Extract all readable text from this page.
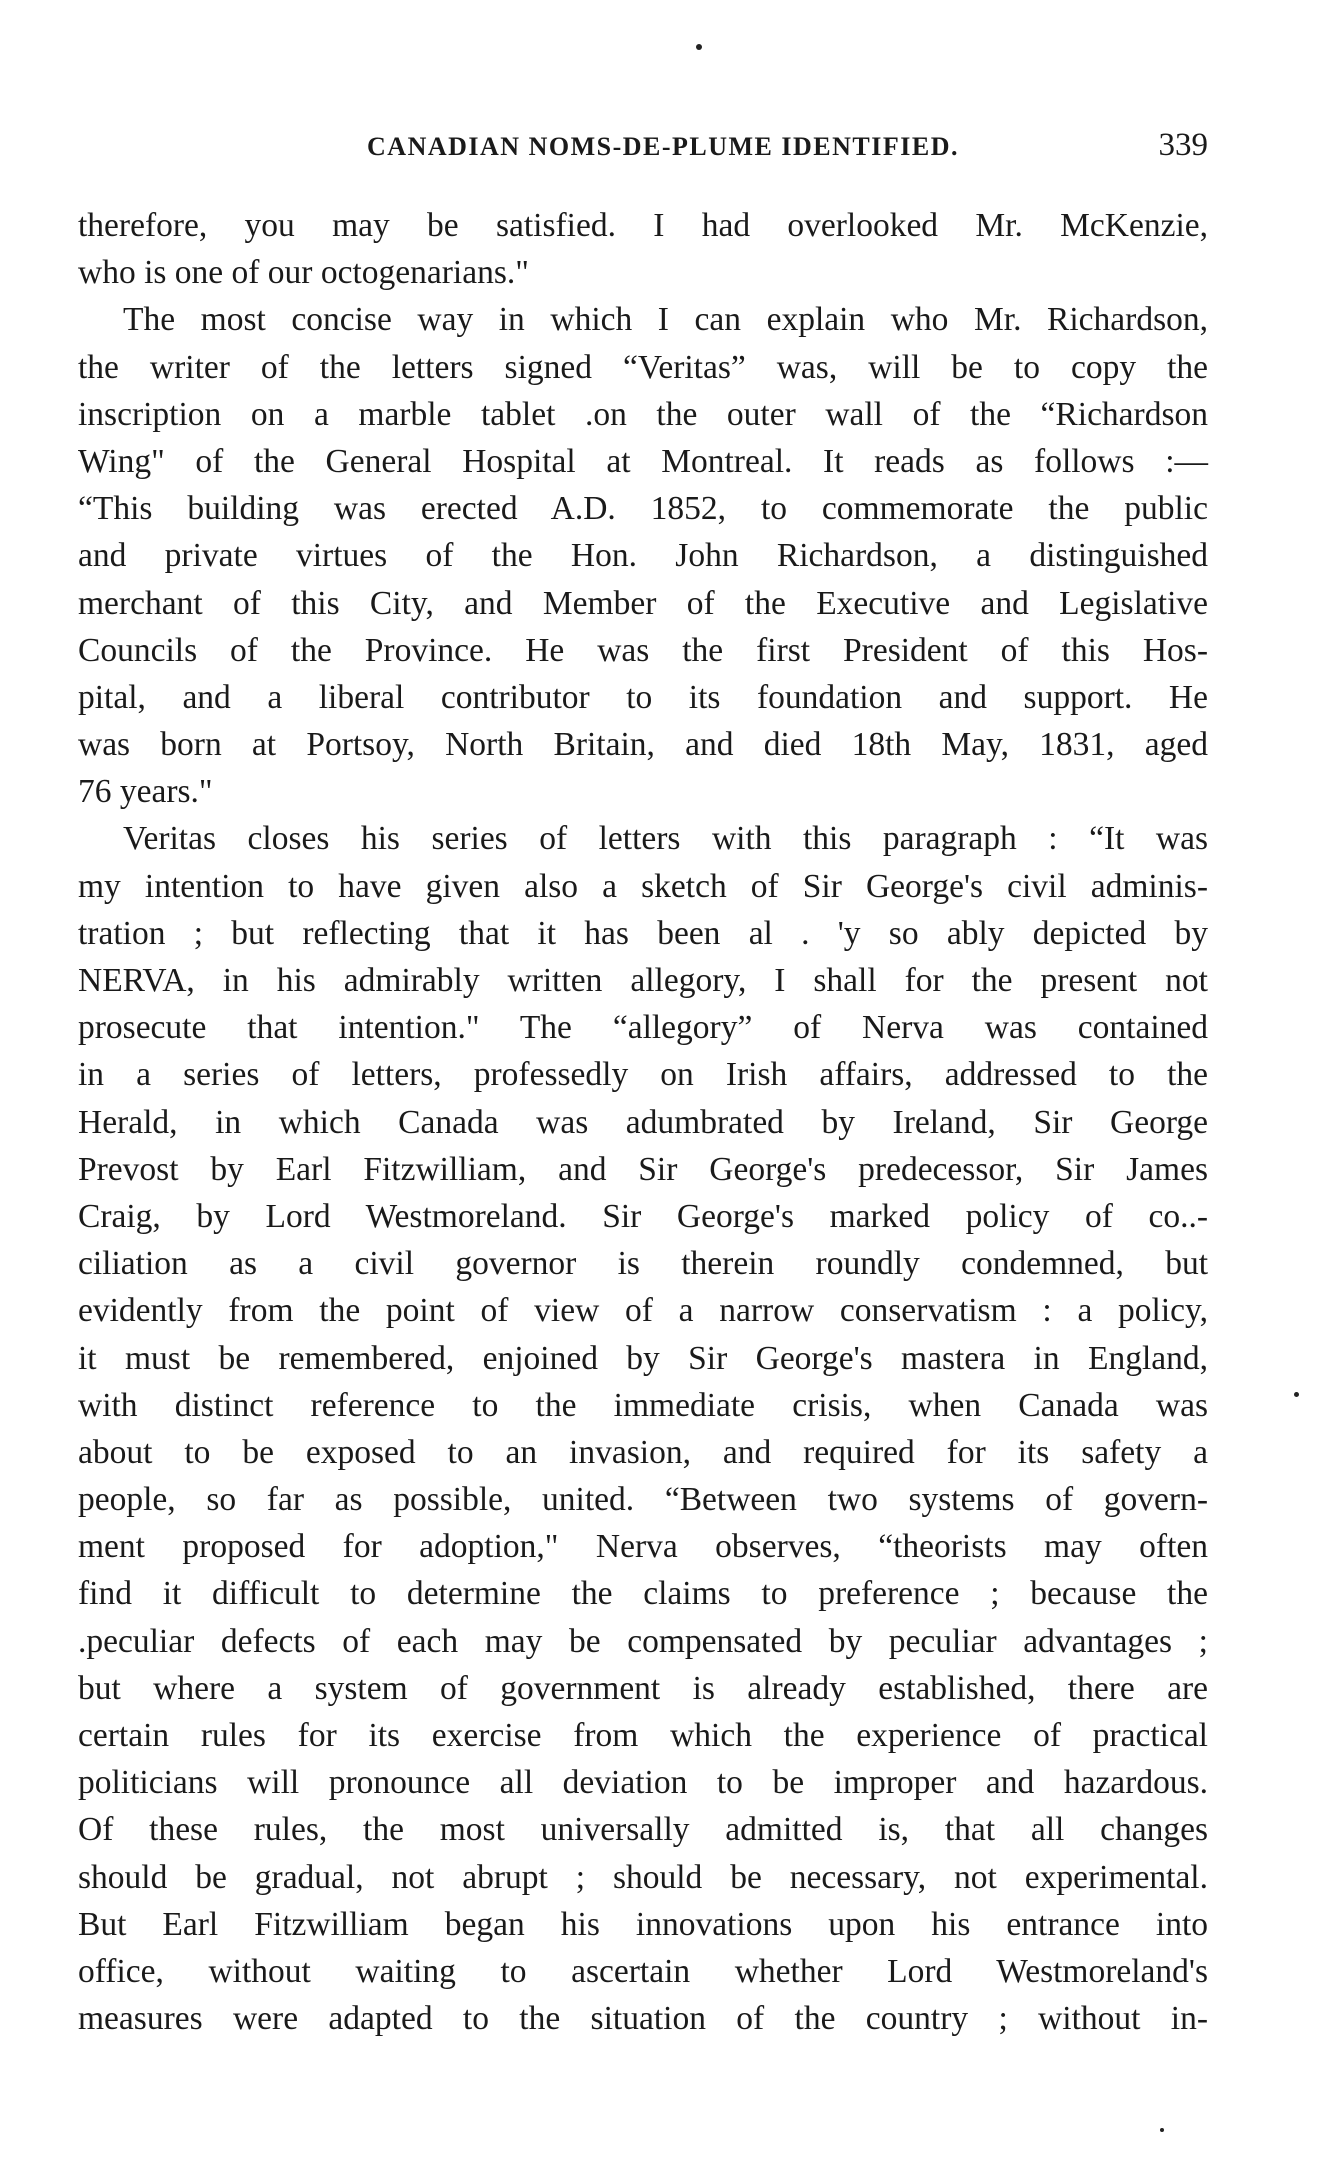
CANADIAN NOMS-DE-PLUME IDENTIFIED.	339
therefore, you may be satisfied. I had overlooked Mr. McKenzie,
who is one of our octogenarians."
The most concise way in which I can explain who Mr. Richardson,
the writer of the letters signed “Veritas” was, will be to copy the
inscription on a marble tablet .on the outer wall of the “Richardson
Wing" of the General Hospital at Montreal. It reads as follows :—
“This building was erected A.D. 1852, to commemorate the public
and private virtues of the Hon. John Richardson, a distinguished
merchant of this City, and Member of the Executive and Legislative
Councils of the Province. He was the first President of this Hos-
pital, and a liberal contributor to its foundation and support. He
was born at Portsoy, North Britain, and died 18th May, 1831, aged
76 years."
Veritas closes his series of letters with this paragraph : “It was
my intention to have given also a sketch of Sir George's civil adminis-
tration ; but reflecting that it has been al . 'y so ably depicted by
NERVA, in his admirably written allegory, I shall for the present not
prosecute that intention." The “allegory” of Nerva was contained
in a series of letters, professedly on Irish affairs, addressed to the
Herald, in which Canada was adumbrated by Ireland, Sir George
Prevost by Earl Fitzwilliam, and Sir George's predecessor, Sir James
Craig, by Lord Westmoreland. Sir George's marked policy of co..-
ciliation as a civil governor is therein roundly condemned, but
evidently from the point of view of a narrow conservatism : a policy,
it must be remembered, enjoined by Sir George's mastera in England,
with distinct reference to the immediate crisis, when Canada was
about to be exposed to an invasion, and required for its safety a
people, so far as possible, united. “Between two systems of govern-
ment proposed for adoption," Nerva observes, “theorists may often
find it difficult to determine the claims to preference ; because the
.peculiar defects of each may be compensated by peculiar advantages ;
but where a system of government is already established, there are
certain rules for its exercise from which the experience of practical
politicians will pronounce all deviation to be improper and hazardous.
Of these rules, the most universally admitted is, that all changes
should be gradual, not abrupt ; should be necessary, not experimental.
But Earl Fitzwilliam began his innovations upon his entrance into
office, without waiting to ascertain whether Lord Westmoreland's
measures were adapted to the situation of the country ; without in-
